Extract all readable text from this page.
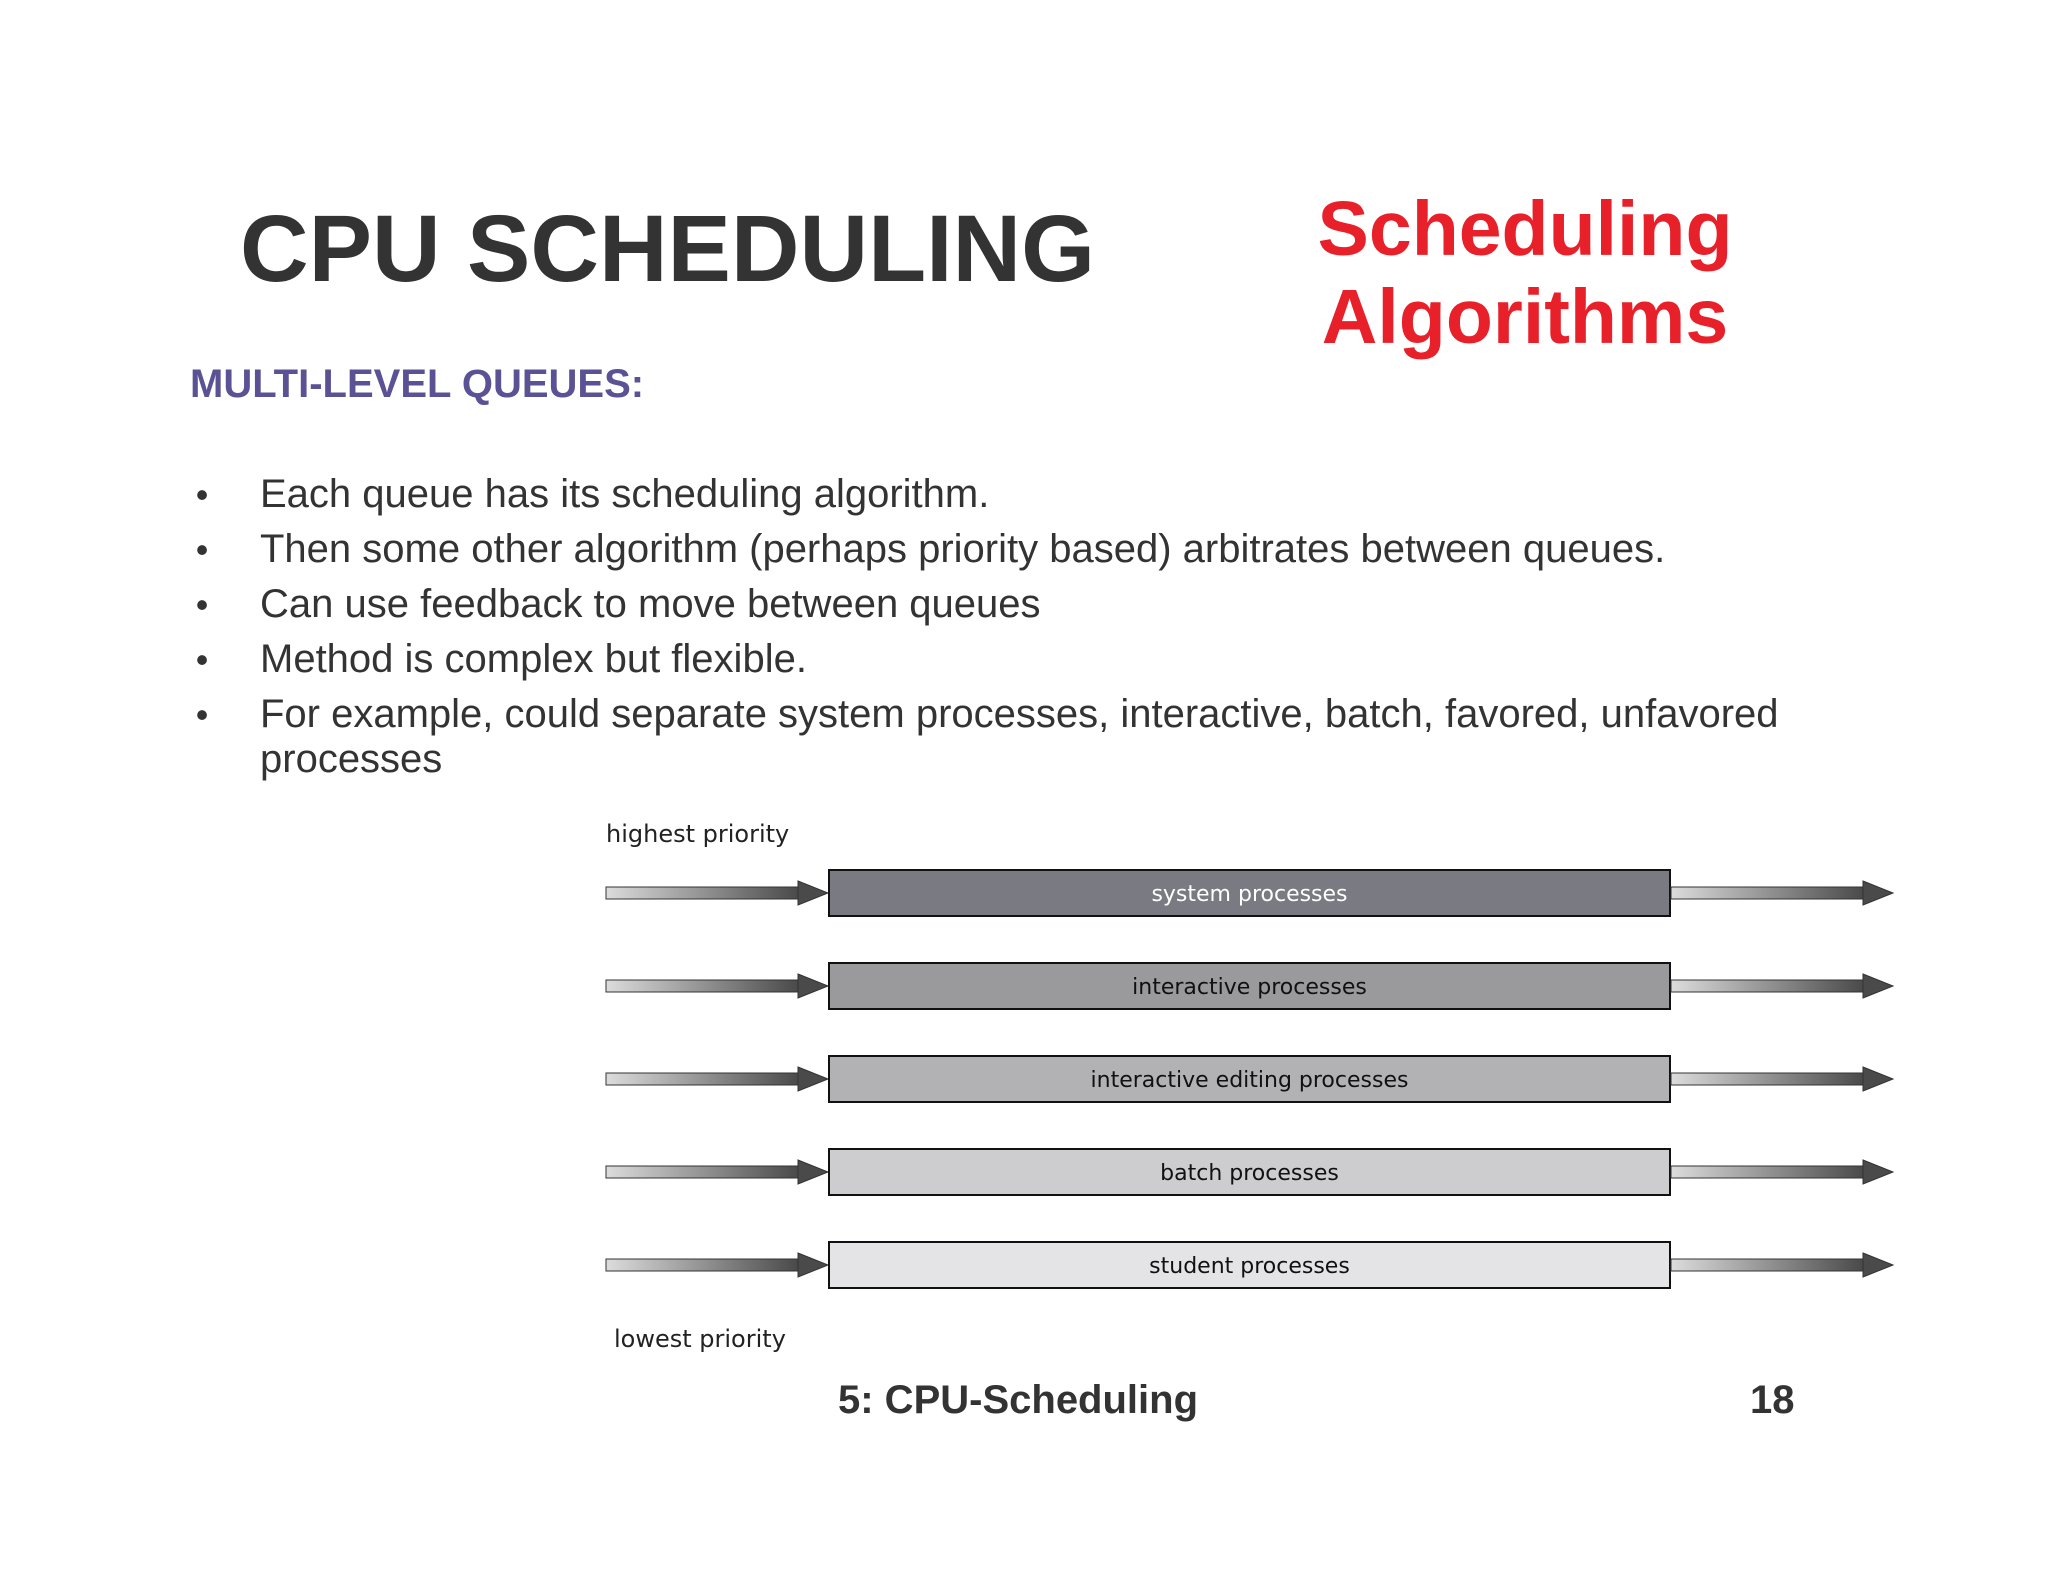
CPU SCHEDULING	Scheduling
Algorithms
MULTI-LEVEL QUEUES:
• Each queue has its scheduling algorithm.
• Then some other algorithm (perhaps priority based) arbitrates between queues.
• Can use feedback to move between queues
• Method is complex but flexible.
• For example, could separate system processes, interactive, batch, favored, unfavored processes
highest priority
system processes
interactive processes
interactive editing processes
batch processes
student processes
lowest priority
5: CPU-Scheduling	18
